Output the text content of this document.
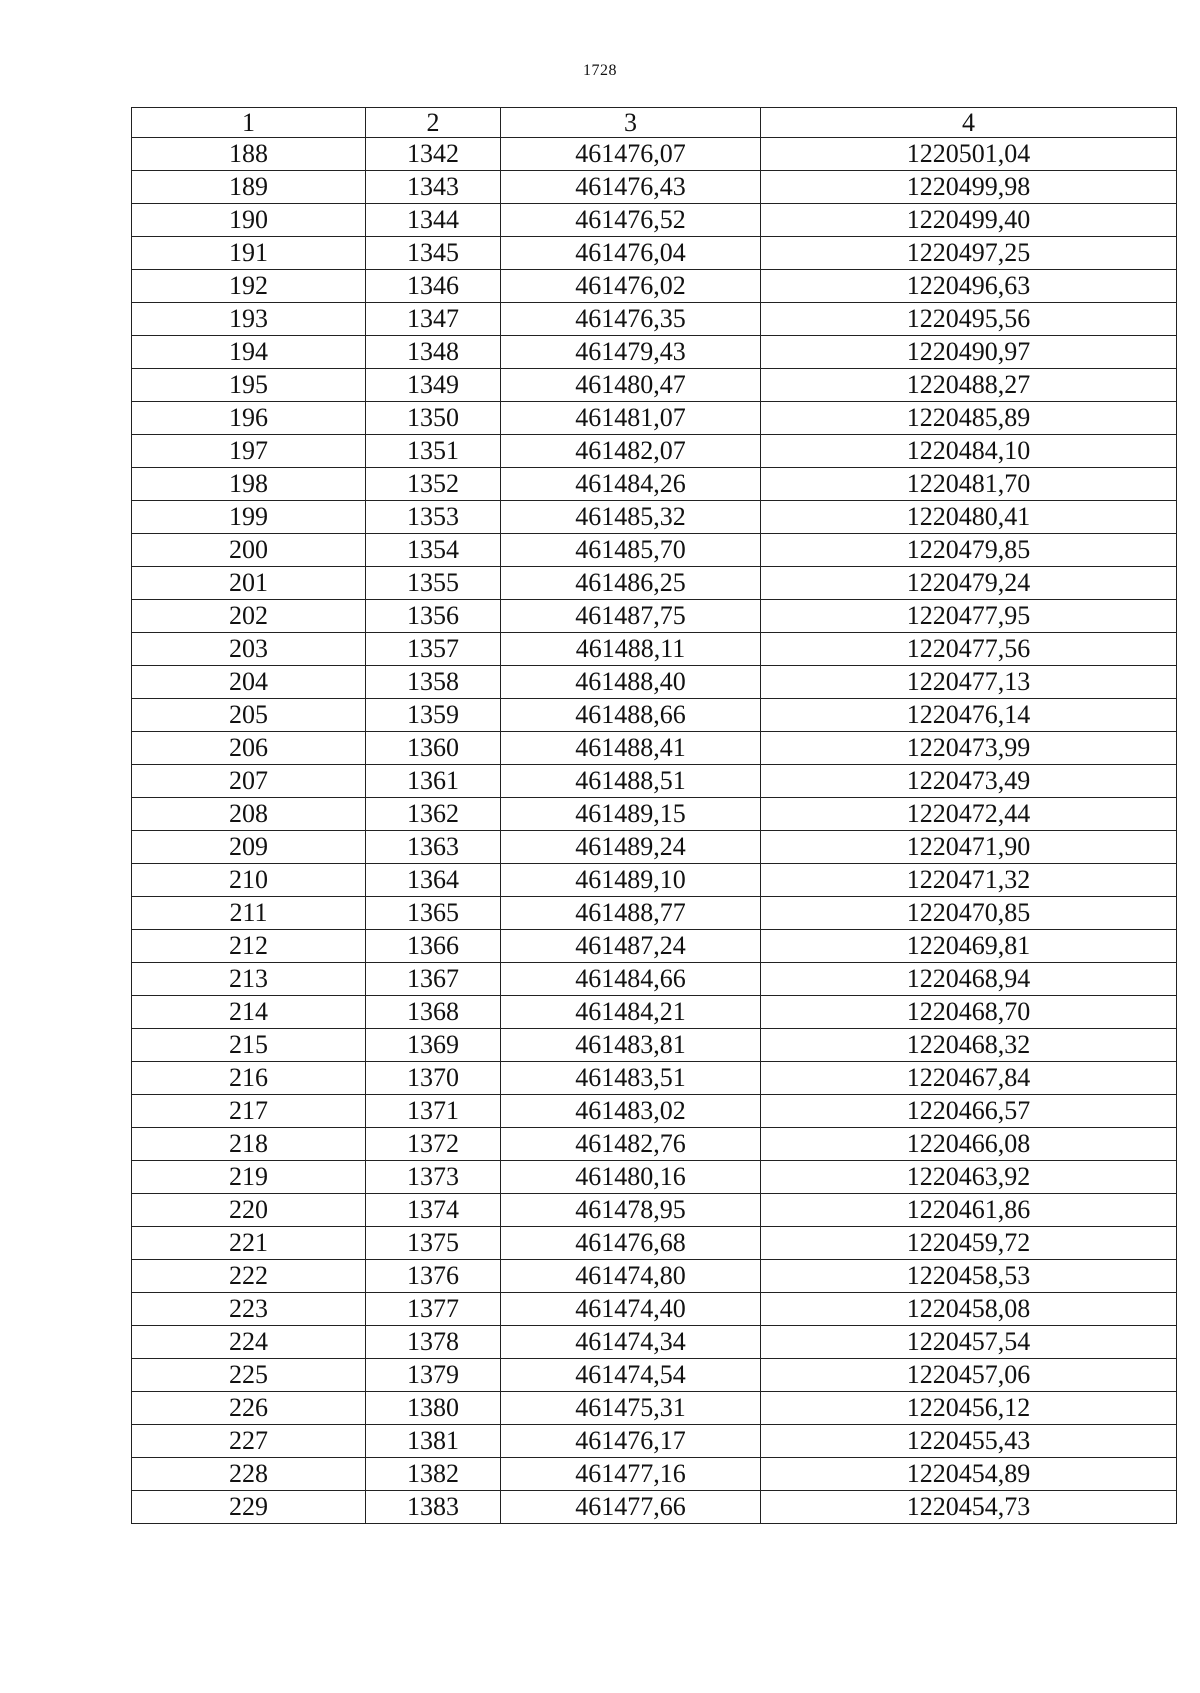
1728
1	2	3	4
188	1342	461476,07	1220501,04
189	1343	461476,43	1220499,98
190	1344	461476,52	1220499,40
191	1345	461476,04	1220497,25
192	1346	461476,02	1220496,63
193	1347	461476,35	1220495,56
194	1348	461479,43	1220490,97
195	1349	461480,47	1220488,27
196	1350	461481,07	1220485,89
197	1351	461482,07	1220484,10
198	1352	461484,26	1220481,70
199	1353	461485,32	1220480,41
200	1354	461485,70	1220479,85
201	1355	461486,25	1220479,24
202	1356	461487,75	1220477,95
203	1357	461488,11	1220477,56
204	1358	461488,40	1220477,13
205	1359	461488,66	1220476,14
206	1360	461488,41	1220473,99
207	1361	461488,51	1220473,49
208	1362	461489,15	1220472,44
209	1363	461489,24	1220471,90
210	1364	461489,10	1220471,32
211	1365	461488,77	1220470,85
212	1366	461487,24	1220469,81
213	1367	461484,66	1220468,94
214	1368	461484,21	1220468,70
215	1369	461483,81	1220468,32
216	1370	461483,51	1220467,84
217	1371	461483,02	1220466,57
218	1372	461482,76	1220466,08
219	1373	461480,16	1220463,92
220	1374	461478,95	1220461,86
221	1375	461476,68	1220459,72
222	1376	461474,80	1220458,53
223	1377	461474,40	1220458,08
224	1378	461474,34	1220457,54
225	1379	461474,54	1220457,06
226	1380	461475,31	1220456,12
227	1381	461476,17	1220455,43
228	1382	461477,16	1220454,89
229	1383	461477,66	1220454,73
